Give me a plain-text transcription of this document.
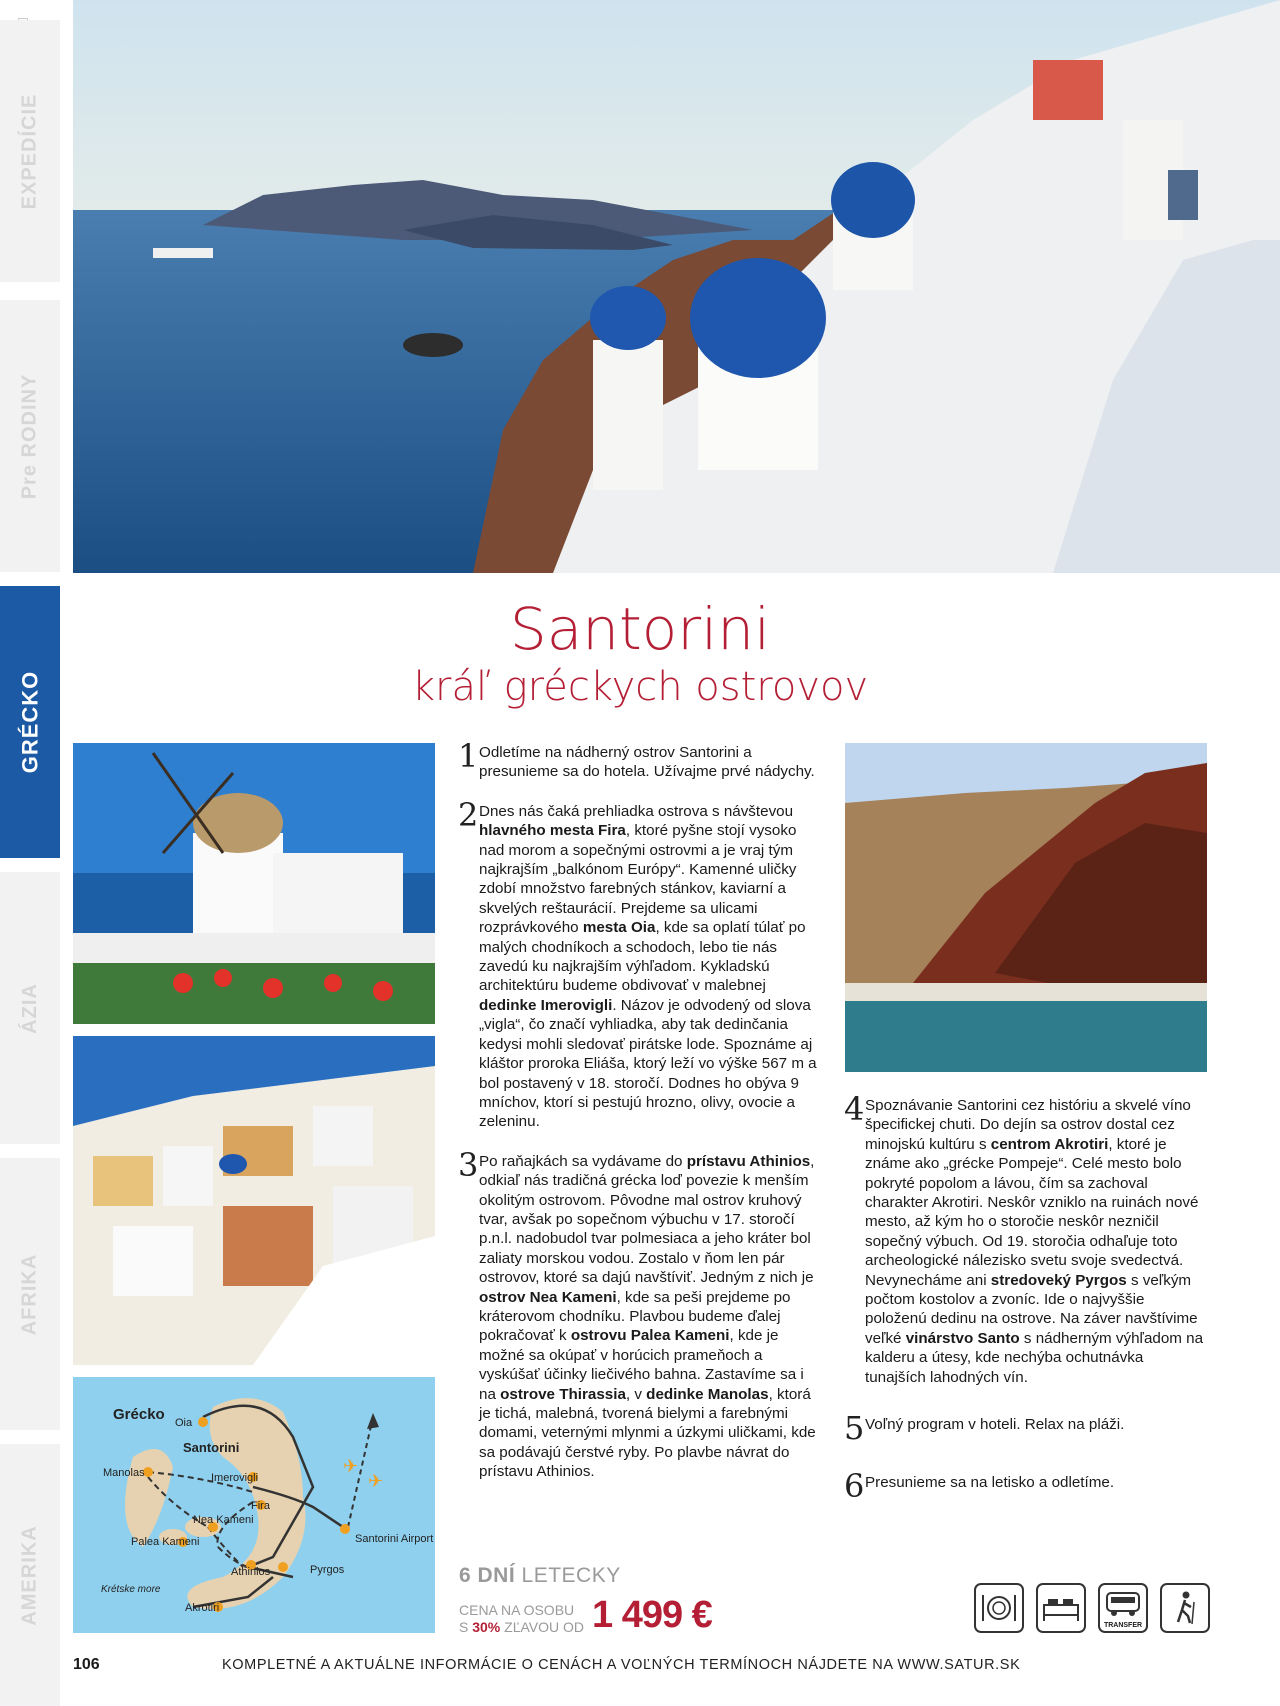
EXPEDÍCIE
Pre RODINY
GRÉCKO
ÁZIA
AFRIKA
AMERIKA
Santorini
kráľ gréckych ostrovov
✈
✈
Grécko Oia
Santorini
Imerovigli
Fira
Manolas
Nea Kameni
Palea Kameni
Athinios	Pyrgos
Santorini Airport
Akrotiri
Krétske more
1 Odletíme na nádherný ostrov Santorini a presunieme sa do hotela. Užívajme prvé nádychy.
2 Dnes nás čaká prehliadka ostrova s návštevou hlavného mesta Fira, ktoré pyšne stojí vysoko nad morom a sopečnými ostrovmi a je vraj tým najkrajším „balkónom Európy“. Kamenné uličky zdobí množstvo farebných stánkov, kaviarní a skvelých reštaurácií. Prejdeme sa ulicami rozprávkového mesta Oia, kde sa oplatí túlať po malých chodníkoch a schodoch, lebo tie nás zavedú ku najkrajším výhľadom. Kykladskú architektúru budeme obdivovať v malebnej dedinke Imerovigli. Názov je odvodený od slova „vigla“, čo značí vyhliadka, aby tak dedinčania kedysi mohli sledovať pirátske lode. Spoznáme aj kláštor proroka Eliáša, ktorý leží vo výške 567 m a bol postavený v 18. storočí. Dodnes ho obýva 9 mníchov, ktorí si pestujú hrozno, olivy, ovocie a zeleninu.
3 Po raňajkách sa vydávame do prístavu Athinios, odkiaľ nás tradičná grécka loď povezie k menším okolitým ostrovom. Pôvodne mal ostrov kruhový tvar, avšak po sopečnom výbuchu v 17. storočí p.n.l. nadobudol tvar polmesiaca a jeho kráter bol zaliaty morskou vodou. Zostalo v ňom len pár ostrovov, ktoré sa dajú navštíviť. Jedným z nich je ostrov Nea Kameni, kde sa peši prejdeme po kráterovom chodníku. Plavbou budeme ďalej pokračovať k ostrovu Palea Kameni, kde je možné sa okúpať v horúcich prameňoch a vyskúšať účinky liečivého bahna. Zastavíme sa i na ostrove Thirassia, v dedinke Manolas, ktorá je tichá, malebná, tvorená bielymi a farebnými domami, veternými mlynmi a úzkymi uličkami, kde sa podávajú čerstvé ryby. Po plavbe návrat do prístavu Athinios.
4 Spoznávanie Santorini cez históriu a skvelé víno špecifickej chuti. Do dejín sa ostrov dostal cez minojskú kultúru s centrom Akrotiri, ktoré je známe ako „grécke Pompeje“. Celé mesto bolo pokryté popolom a lávou, čím sa zachoval charakter Akrotiri. Neskôr vzniklo na ruinách nové mesto, až kým ho o storočie neskôr nezničil sopečný výbuch. Od 19. storočia odhaľuje toto archeologické nálezisko svetu svoje svedectvá. Nevynecháme ani stredoveký Pyrgos s veľkým počtom kostolov a zvoníc. Ide o najvyššie položenú dedinu na ostrove. Na záver navštívime veľké vinárstvo Santo s nádherným výhľadom na kalderu a útesy, kde nechýba ochutnávka tunajších lahodných vín.
5 Voľný program v hoteli. Relax na pláži.
6 Presunieme sa na letisko a odletíme.
6 DNÍ LETECKY
CENA NA OSOBU
S 30% ZĽAVOU OD 1 499 €	TRANSFER
106	KOMPLETNÉ A AKTUÁLNE INFORMÁCIE O CENÁCH A VOĽNÝCH TERMÍNOCH NÁJDETE NA WWW.SATUR.SK
